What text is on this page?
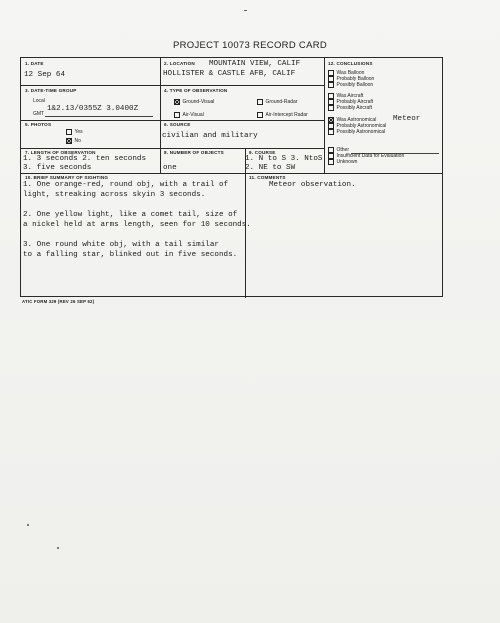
PROJECT 10073 RECORD CARD
1. DATE
12 Sep 64
2. LOCATION MOUNTAIN VIEW, CALIF
HOLLISTER & CASTLE AFB, CALIF
3. DATE-TIME GROUP
Local
GMT
1&2.13/0355Z 3.0400Z
4. TYPE OF OBSERVATION
Ground-Visual	Ground-Radar
Air-Visual	Air-Intercept Radar
5. PHOTOS
Yes
No
6. SOURCE
civilian and military
7. LENGTH OF OBSERVATION
1. 3 seconds 2. ten seconds
3. five seconds
8. NUMBER OF OBJECTS
one
9. COURSE
1. N to S 3. NtoS
2. NE to SW
10. BRIEF SUMMARY OF SIGHTING
1. One orange-red, round obj, with a trail of
light, streaking across skyin 3 seconds.
2. One yellow light, like a comet tail, size of
a nickel held at arms length, seen for 10 seconds.
3. One round white obj, with a tail similar
to a falling star, blinked out in five seconds.
11. COMMENTS
Meteor observation.
12. CONCLUSIONS
Was Balloon
Probably Balloon
Possibly Balloon
Was Aircraft
Probably Aircraft
Possibly Aircraft
Was Astronomical Meteor
Probably Astronomical
Possibly Astronomical
Other
Insufficient Data for Evaluation
Unknown
ATIC FORM 329 (REV 26 SEP 52)
